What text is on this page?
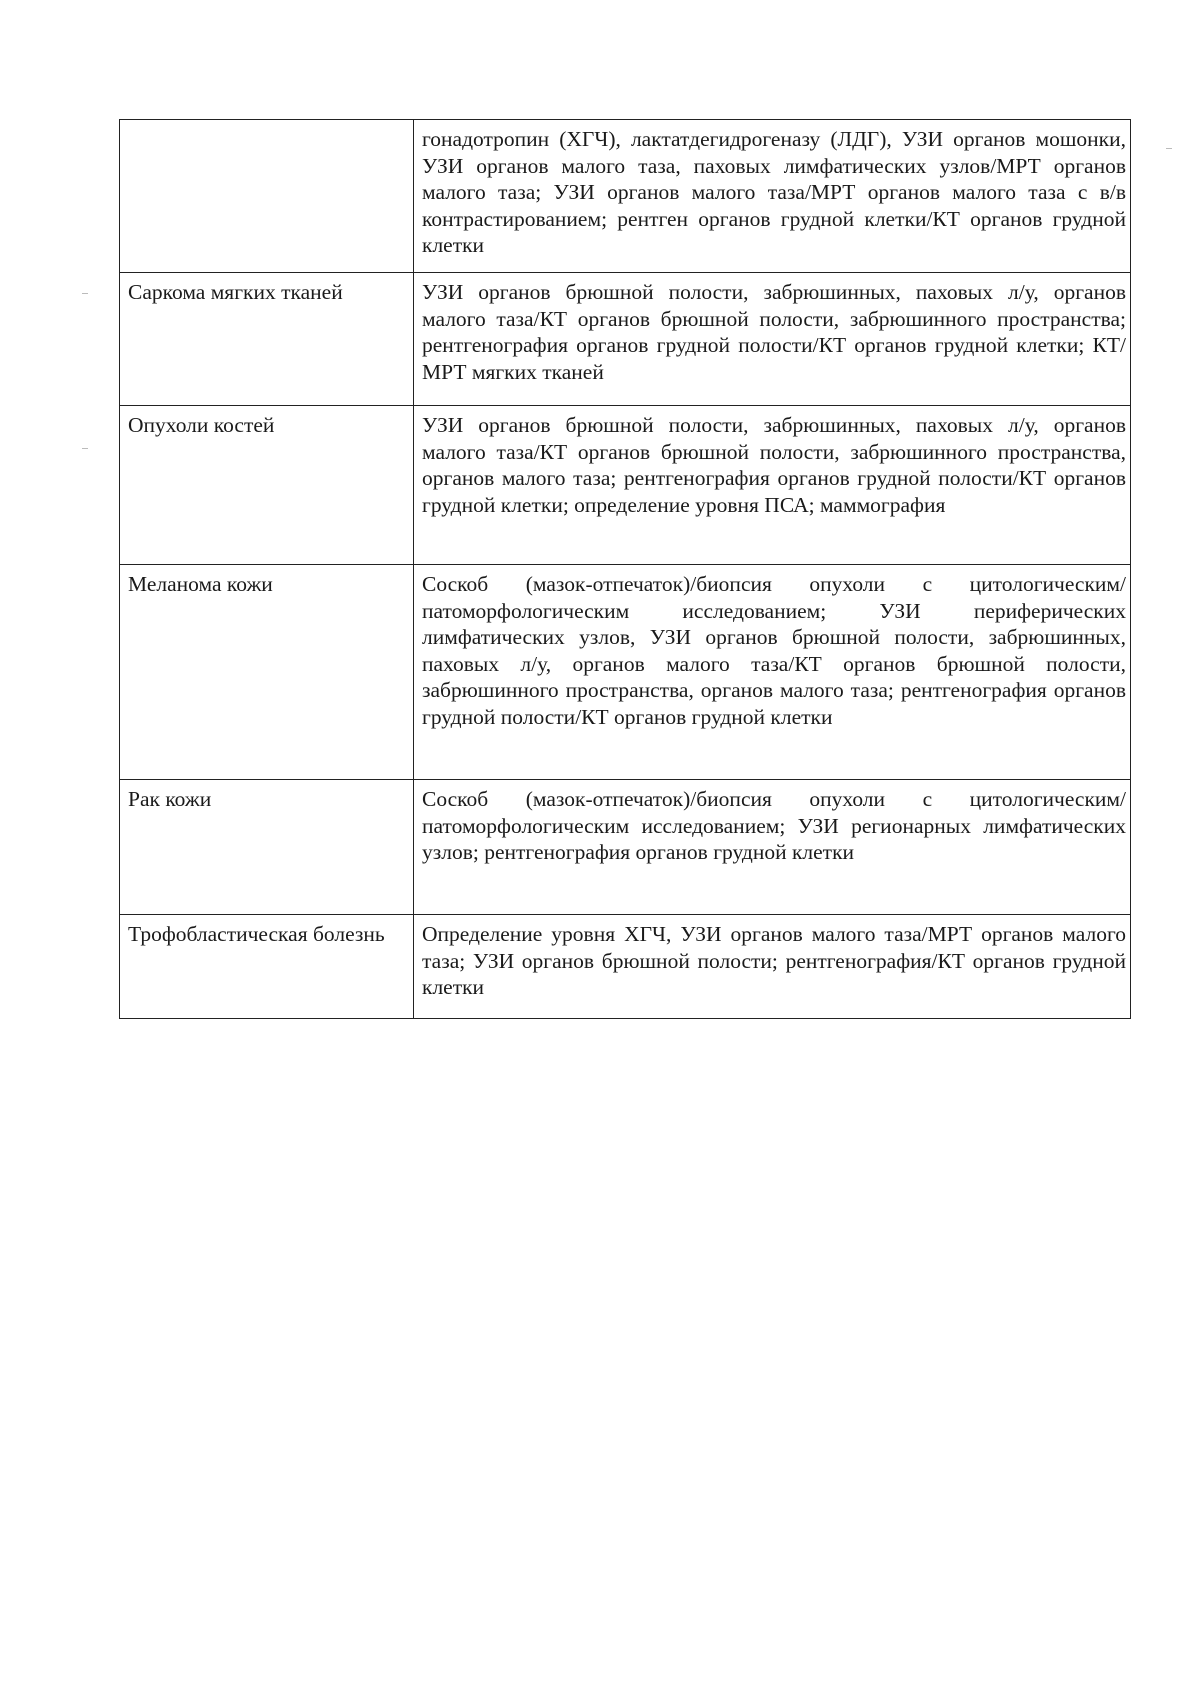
	гонадотропин (ХГЧ), лактатдегидрогеназу (ЛДГ), УЗИ органов мошонки, УЗИ органов малого таза, паховых лимфатических узлов/МРТ органов малого таза; УЗИ органов малого таза/МРТ органов малого таза с в/в контрастированием; рентген органов грудной клетки/КТ органов грудной клетки
Саркома мягких тканей	УЗИ органов брюшной полости, забрюшинных, паховых л/у, органов малого таза/КТ органов брюшной полости, забрюшинного пространства; рентгенография органов грудной полости/КТ органов грудной клетки; КТ/МРТ мягких тканей
Опухоли костей	УЗИ органов брюшной полости, забрюшинных, паховых л/у, органов малого таза/КТ органов брюшной полости, забрюшинного пространства, органов малого таза; рентгенография органов грудной полости/КТ органов грудной клетки; определение уровня ПСА; маммография
Меланома кожи	Соскоб (мазок-отпечаток)/биопсия опухоли с цитологическим/патоморфологическим исследованием; УЗИ периферических лимфатических узлов, УЗИ органов брюшной полости, забрюшинных, паховых л/у, органов малого таза/КТ органов брюшной полости, забрюшинного пространства, органов малого таза; рентгенография органов грудной полости/КТ органов грудной клетки
Рак кожи	Соскоб (мазок-отпечаток)/биопсия опухоли с цитологическим/патоморфологическим исследованием; УЗИ регионарных лимфатических узлов; рентгенография органов грудной клетки
Трофобластическая болезнь	Определение уровня ХГЧ, УЗИ органов малого таза/МРТ органов малого таза; УЗИ органов брюшной полости; рентгенография/КТ органов грудной клетки
